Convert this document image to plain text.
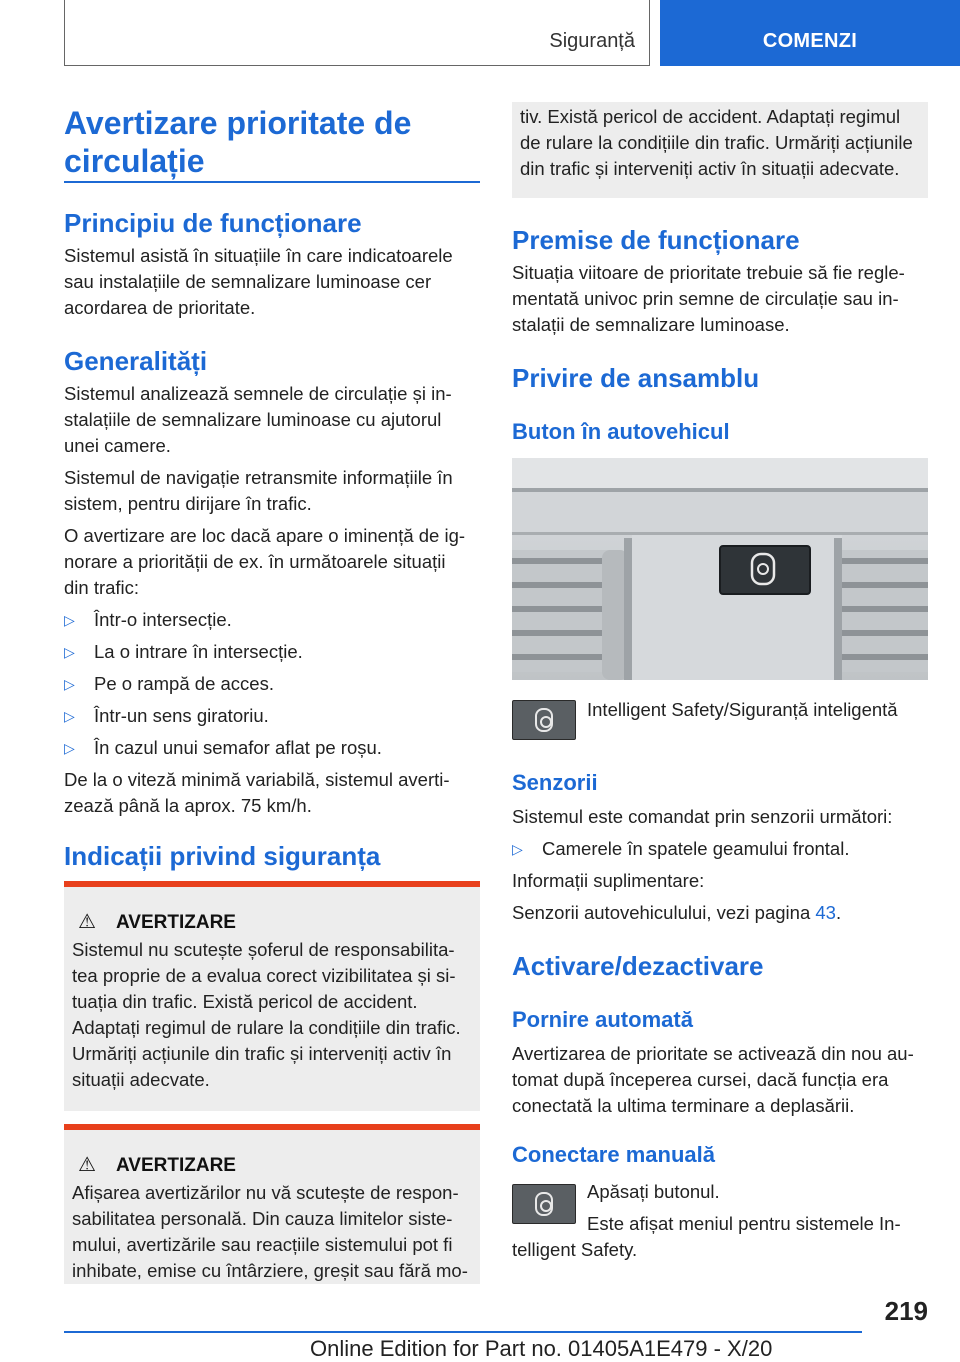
Siguranță	COMENZI
Avertizare prioritate de
circulație
Principiu de funcționare
Sistemul asistă în situațiile în care indicatoarele
sau instalațiile de semnalizare luminoase cer
acordarea de prioritate.
Generalități
Sistemul analizează semnele de circulație și in-
stalațiile de semnalizare luminoase cu ajutorul
unei camere.
Sistemul de navigație retransmite informațiile în
sistem, pentru dirijare în trafic.
O avertizare are loc dacă apare o iminență de ig-
norare a priorității de ex. în următoarele situații
din trafic:
▷ Într-o intersecție.
▷ La o intrare în intersecție.
▷ Pe o rampă de acces.
▷ Într-un sens giratoriu.
▷ În cazul unui semafor aflat pe roșu.
De la o viteză minimă variabilă, sistemul averti-
zează până la aprox. 75 km/h.
Indicații privind siguranța
⚠ AVERTIZARE
Sistemul nu scutește șoferul de responsabilita-
tea proprie de a evalua corect vizibilitatea și si-
tuația din trafic. Există pericol de accident.
Adaptați regimul de rulare la condițiile din trafic.
Urmăriți acțiunile din trafic și interveniți activ în
situații adecvate.
⚠ AVERTIZARE
Afișarea avertizărilor nu vă scutește de respon-
sabilitatea personală. Din cauza limitelor siste-
mului, avertizările sau reacțiile sistemului pot fi
inhibate, emise cu întârziere, greșit sau fără mo-
tiv. Există pericol de accident. Adaptați regimul
de rulare la condițiile din trafic. Urmăriți acțiunile
din trafic și interveniți activ în situații adecvate.
Premise de funcționare
Situația viitoare de prioritate trebuie să fie regle-
mentată univoc prin semne de circulație sau in-
stalații de semnalizare luminoase.
Privire de ansamblu
Buton în autovehicul
Intelligent Safety/Siguranță inteligentă
Senzorii
Sistemul este comandat prin senzorii următori:
▷ Camerele în spatele geamului frontal.
Informații suplimentare:
Senzorii autovehiculului, vezi pagina 43.
Activare/dezactivare
Pornire automată
Avertizarea de prioritate se activează din nou au-
tomat după începerea cursei, dacă funcția era
conectată la ultima terminare a deplasării.
Conectare manuală
Apăsați butonul.
Este afișat meniul pentru sistemele In-
telligent Safety.
219
Online Edition for Part no. 01405A1E479 - X/20
